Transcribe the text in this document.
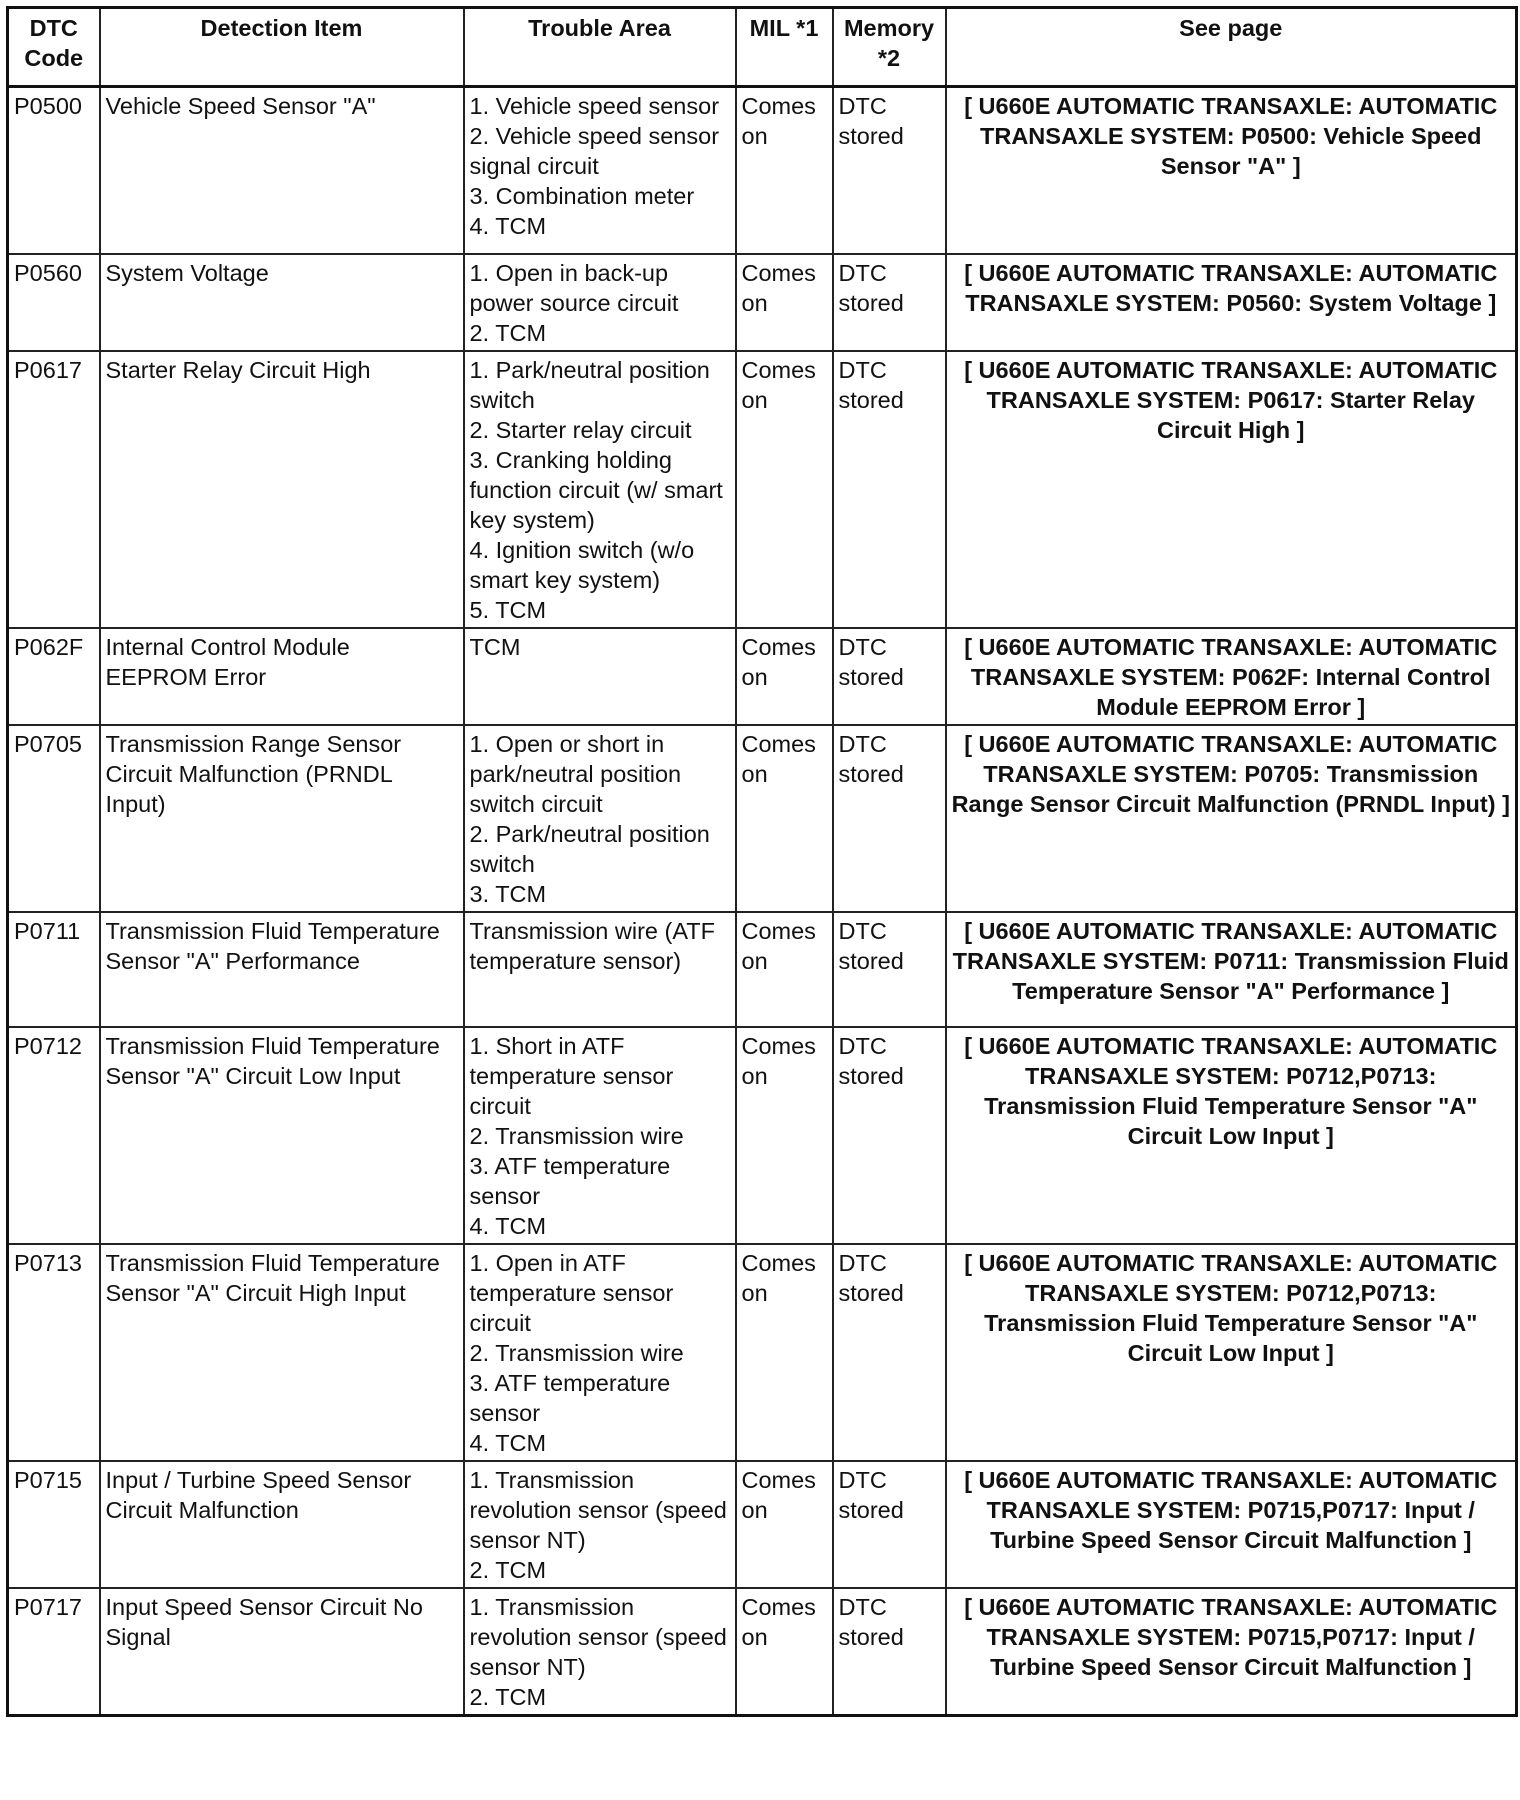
DTC
Code	Detection Item	Trouble Area	MIL *1	Memory
*2	See page
P0500	Vehicle Speed Sensor "A"	1. Vehicle speed sensor
2. Vehicle speed sensor signal circuit
3. Combination meter
4. TCM	Comes on	DTC stored	[ U660E AUTOMATIC TRANSAXLE: AUTOMATIC TRANSAXLE SYSTEM: P0500: Vehicle Speed Sensor "A" ]
P0560	System Voltage	1. Open in back-up power source circuit
2. TCM	Comes on	DTC stored	[ U660E AUTOMATIC TRANSAXLE: AUTOMATIC TRANSAXLE SYSTEM: P0560: System Voltage ]
P0617	Starter Relay Circuit High	1. Park/neutral position switch
2. Starter relay circuit
3. Cranking holding function circuit (w/ smart key system)
4. Ignition switch (w/o smart key system)
5. TCM	Comes on	DTC stored	[ U660E AUTOMATIC TRANSAXLE: AUTOMATIC TRANSAXLE SYSTEM: P0617: Starter Relay Circuit High ]
P062F	Internal Control Module EEPROM Error	TCM	Comes on	DTC stored	[ U660E AUTOMATIC TRANSAXLE: AUTOMATIC TRANSAXLE SYSTEM: P062F: Internal Control Module EEPROM Error ]
P0705	Transmission Range Sensor Circuit Malfunction (PRNDL Input)	1. Open or short in park/neutral position switch circuit
2. Park/neutral position switch
3. TCM	Comes on	DTC stored	[ U660E AUTOMATIC TRANSAXLE: AUTOMATIC TRANSAXLE SYSTEM: P0705: Transmission Range Sensor Circuit Malfunction (PRNDL Input) ]
P0711	Transmission Fluid Temperature Sensor "A" Performance	Transmission wire (ATF temperature sensor)	Comes on	DTC stored	[ U660E AUTOMATIC TRANSAXLE: AUTOMATIC TRANSAXLE SYSTEM: P0711: Transmission Fluid Temperature Sensor "A" Performance ]
P0712	Transmission Fluid Temperature Sensor "A" Circuit Low Input	1. Short in ATF temperature sensor circuit
2. Transmission wire
3. ATF temperature sensor
4. TCM	Comes on	DTC stored	[ U660E AUTOMATIC TRANSAXLE: AUTOMATIC TRANSAXLE SYSTEM: P0712,P0713: Transmission Fluid Temperature Sensor "A" Circuit Low Input ]
P0713	Transmission Fluid Temperature Sensor "A" Circuit High Input	1. Open in ATF temperature sensor circuit
2. Transmission wire
3. ATF temperature sensor
4. TCM	Comes on	DTC stored	[ U660E AUTOMATIC TRANSAXLE: AUTOMATIC TRANSAXLE SYSTEM: P0712,P0713: Transmission Fluid Temperature Sensor "A" Circuit Low Input ]
P0715	Input / Turbine Speed Sensor Circuit Malfunction	1. Transmission revolution sensor (speed sensor NT)
2. TCM	Comes on	DTC stored	[ U660E AUTOMATIC TRANSAXLE: AUTOMATIC TRANSAXLE SYSTEM: P0715,P0717: Input / Turbine Speed Sensor Circuit Malfunction ]
P0717	Input Speed Sensor Circuit No Signal	1. Transmission revolution sensor (speed sensor NT)
2. TCM	Comes on	DTC stored	[ U660E AUTOMATIC TRANSAXLE: AUTOMATIC TRANSAXLE SYSTEM: P0715,P0717: Input / Turbine Speed Sensor Circuit Malfunction ]
